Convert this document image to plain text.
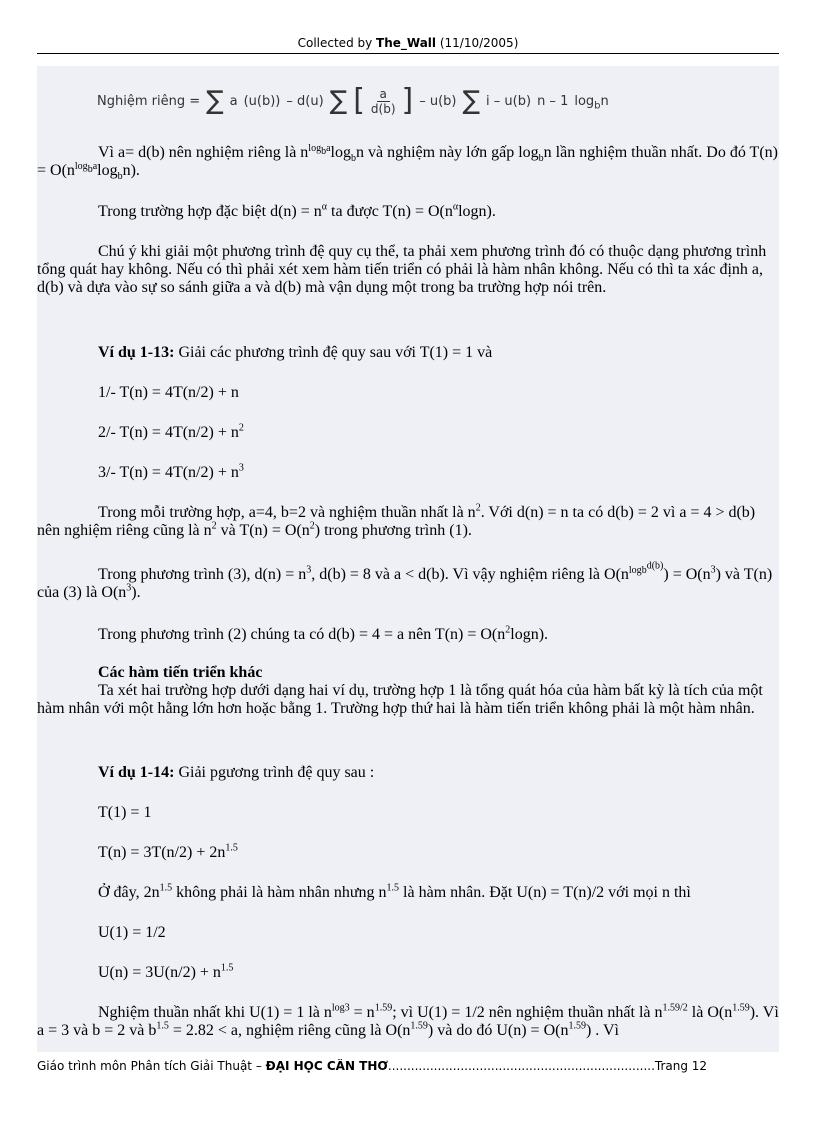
Collected by The_Wall (11/10/2005)
Nghiệm riêng = ∑ a (u(b)) – d(u) ∑ [ $\frac{a}{d(b)}$ ] – u(b) ∑ i – u(b) n – 1 $\log_bn$
Vì a= d(b) nên nghiệm riêng là $n^{log_ba}\log_bn$ và nghiệm này lớn gấp $\log_bn$ lần nghiệm thuần nhất. Do đó $T(n) = O(n^{log_ba}\log_bn)$.
Trong trường hợp đặc biệt $d(n) = n^\alpha$ ta được $T(n) = O(n^\alpha\log n)$.
Chú ý khi giải một phương trình đệ quy cụ thể, ta phải xem phương trình đó có thuộc dạng phương trình tổng quát hay không. Nếu có thì phải xét xem hàm tiến triển có phải là hàm nhân không. Nếu có thì ta xác định a, d(b) và dựa vào sự so sánh giữa a và d(b) mà vận dụng một trong ba trường hợp nói trên.
Ví dụ 1-13: Giải các phương trình đệ quy sau với T(1) = 1 và
1/- T(n) = 4T(n/2) + n
2/- $T(n) = 4T(n/2) + n^2$
3/- $T(n) = 4T(n/2) + n^3$
Trong mỗi trường hợp, a=4, b=2 và nghiệm thuần nhất là $n^2$. Với d(n) = n ta có d(b) = 2 vì a = 4 > d(b) nên nghiệm riêng cũng là $n^2$ và $T(n) = O(n^2)$ trong phương trình (1).
Trong phương trình (3), $d(n) = n^3$, d(b) = 8 và a < d(b). Vì vậy nghiệm riêng là $O(n^{logb^{d(b)}}) = O(n^3)$ và T(n) của (3) là $O(n^3)$.
Trong phương trình (2) chúng ta có d(b) = 4 = a nên $T(n) = O(n^2\log n)$.
Các hàm tiến triển khác
Ta xét hai trường hợp dưới dạng hai ví dụ, trường hợp 1 là tổng quát hóa của hàm bất kỳ là tích của một hàm nhân với một hằng lớn hơn hoặc bằng 1. Trường hợp thứ hai là hàm tiến triển không phải là một hàm nhân.
Ví dụ 1-14: Giải pgương trình đệ quy sau :
T(1) = 1
$T(n) = 3T(n/2) + 2n^{1.5}$
Ở đây, $2n^{1.5}$ không phải là hàm nhân nhưng $n^{1.5}$ là hàm nhân. Đặt U(n) = T(n)/2 với mọi n thì
U(1) = 1/2
$U(n) = 3U(n/2) + n^{1.5}$
Nghiệm thuần nhất khi U(1) = 1 là $n^{log3} = n^{1.59}$; vì U(1) = 1/2 nên nghiệm thuần nhất là $n^{1.59/2}$ là $O(n^{1.59})$. Vì a = 3 và b = 2 và $b^{1.5} = 2.82 < a$, nghiệm riêng cũng là $O(n^{1.59})$ và do đó $U(n) = O(n^{1.59})$ . Vì
Giáo trình môn Phân tích Giải Thuật – ĐẠI HỌC CẦN THƠ......................................................................Trang 12
